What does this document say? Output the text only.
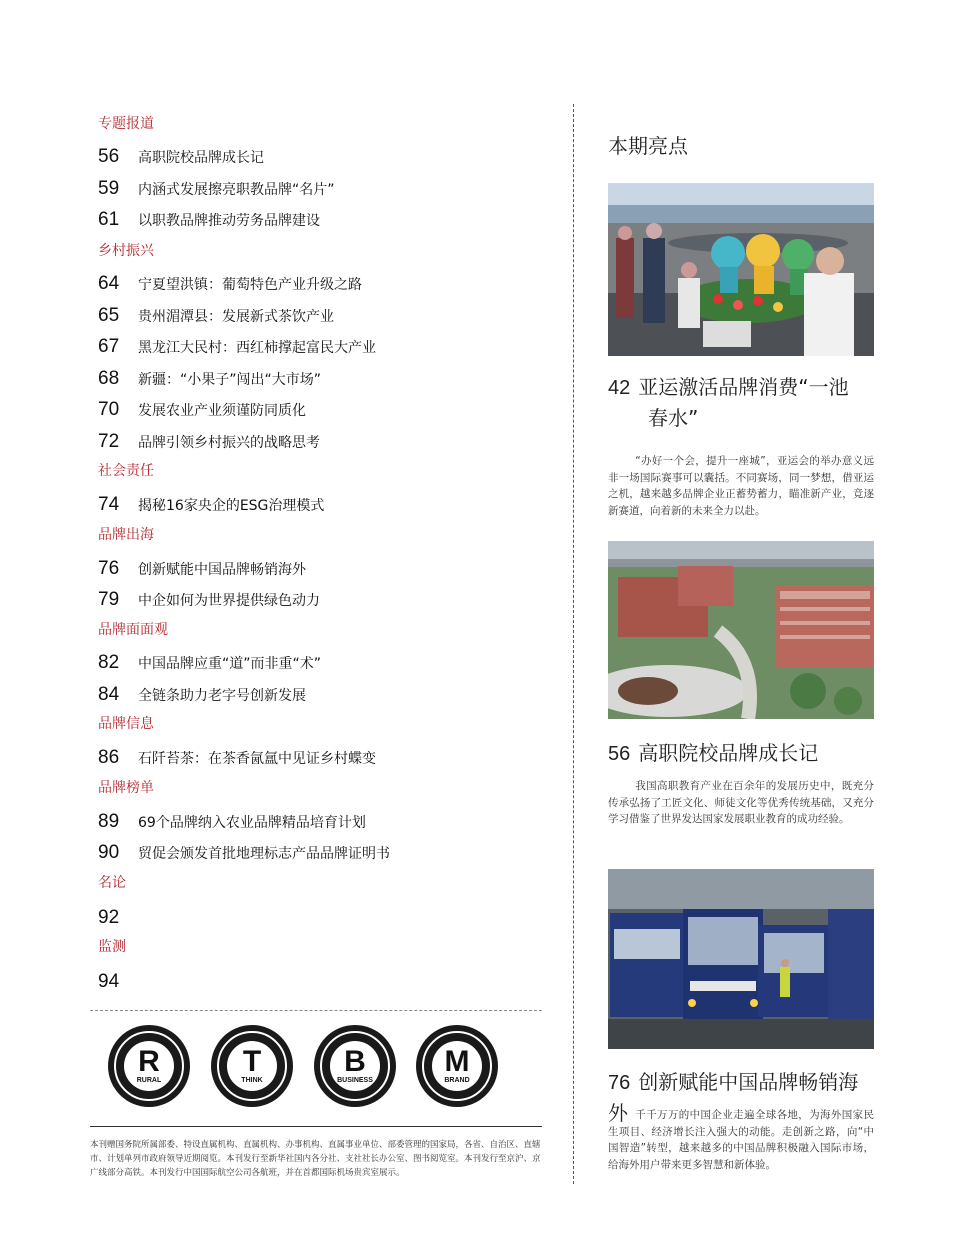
专题报道
56	高职院校品牌成长记
59	内涵式发展擦亮职教品牌“名片”
61	以职教品牌推动劳务品牌建设
乡村振兴
64	宁夏望洪镇：葡萄特色产业升级之路
65	贵州湄潭县：发展新式茶饮产业
67	黑龙江大民村：西红柿撑起富民大产业
68	新疆：“小果子”闯出“大市场”
70	发展农业产业须谨防同质化
72	品牌引领乡村振兴的战略思考
社会责任
74	揭秘16家央企的ESG治理模式
品牌出海
76	创新赋能中国品牌畅销海外
79	中企如何为世界提供绿色动力
品牌面面观
82	中国品牌应重“道”而非重“术”
84	全链条助力老字号创新发展
品牌信息
86	石阡苔茶：在茶香氤氲中见证乡村蝶变
品牌榜单
89	69个品牌纳入农业品牌精品培育计划
90	贸促会颁发首批地理标志产品品牌证明书
名论
92
监测
94
R
RURAL
T
THINK
B
BUSINESS
M
BRAND
本刊赠国务院所属部委、特设直属机构、直属机构、办事机构、直属事业单位、部委管理的国家局，各省、自治区、直辖市、计划单列市政府领导近期阅览。本刊发行至新华社国内各分社、支社社长办公室、图书阅览室。本刊发行至京沪、京广线部分高铁。本刊发行中国国际航空公司各航班，并在首都国际机场贵宾室展示。
本期亮点
42 亚运激活品牌消费“一池
春水”
“办好一个会，提升一座城”，亚运会的举办意义远非一场国际赛事可以囊括。不同赛场，同一梦想，借亚运之机，越来越多品牌企业正蓄势蓄力，瞄准新产业，竞逐新赛道，向着新的未来全力以赴。
56 高职院校品牌成长记
我国高职教育产业在百余年的发展历史中，既充分传承弘扬了工匠文化、师徒文化等优秀传统基础，又充分学习借鉴了世界发达国家发展职业教育的成功经验。
76 创新赋能中国品牌畅销海外 千千万万的中国企业走遍全球各地，为海外国家民生项目、经济增长注入强大的动能。走创新之路，向“中国智造”转型，越来越多的中国品牌积极融入国际市场，给海外用户带来更多智慧和新体验。
